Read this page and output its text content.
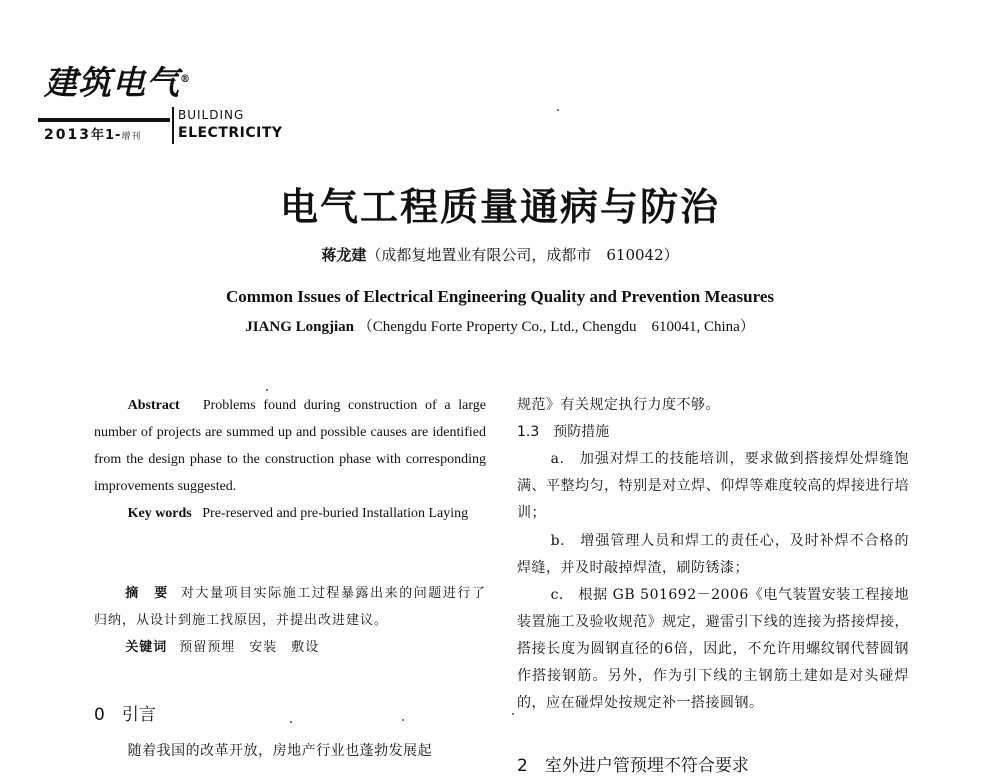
建筑电气®
BUILDING
ELECTRICITY
2013年1-增刊
电气工程质量通病与防治
蒋龙建（成都复地置业有限公司，成都市　610042）
Common Issues of Electrical Engineering Quality and Prevention Measures
JIANG Longjian （Chengdu Forte Property Co., Ltd., Chengdu　610041, China）

Abstract Problems found during construction of a large number of projects are summed up and possible causes are identified from the design phase to the construction phase with corresponding improvements suggested.

Key words Pre-reserved and pre-buried Installation Laying

摘　要 对大量项目实际施工过程暴露出来的问题进行了归纳，从设计到施工找原因，并提出改进建议。

关键词 预留预埋　安装　敷设

0　引言

随着我国的改革开放，房地产行业也蓬勃发展起

规范》有关规定执行力度不够。

1.3　预防措施

a.　加强对焊工的技能培训，要求做到搭接焊处焊缝饱满、平整均匀，特别是对立焊、仰焊等难度较高的焊接进行培训；

b.　增强管理人员和焊工的责任心，及时补焊不合格的焊缝，并及时敲掉焊渣，刷防锈漆；

c.　根据 GB 501692－2006《电气装置安装工程接地装置施工及验收规范》规定，避雷引下线的连接为搭接焊接，搭接长度为圆钢直径的6倍，因此，不允许用螺纹钢代替圆钢作搭接钢筋。另外，作为引下线的主钢筋土建如是对头碰焊的，应在碰焊处按规定补一搭接圆钢。

2　室外进户管预埋不符合要求
